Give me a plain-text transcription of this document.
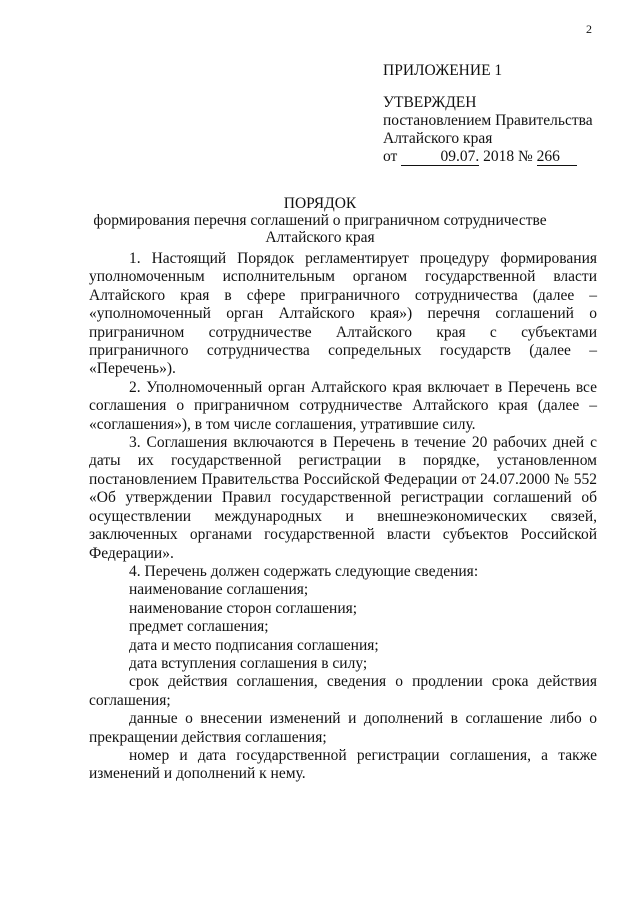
2
ПРИЛОЖЕНИЕ 1
УТВЕРЖДЕН
постановлением Правительства
Алтайского края
от	09.07. 2018 № 266
ПОРЯДОК
формирования перечня соглашений о приграничном сотрудничестве
Алтайского края

1. Настоящий Порядок регламентирует процедуру формирования уполномоченным исполнительным органом государственной власти Алтайского края в сфере приграничного сотрудничества (далее – «уполномоченный орган Алтайского края») перечня соглашений о приграничном сотрудничестве Алтайского края с субъектами приграничного сотрудничества сопредельных государств (далее – «Перечень»).

2. Уполномоченный орган Алтайского края включает в Перечень все соглашения о приграничном сотрудничестве Алтайского края (далее – «соглашения»), в том числе соглашения, утратившие силу.

3. Соглашения включаются в Перечень в течение 20 рабочих дней с даты их государственной регистрации в порядке, установленном постановлением Правительства Российской Федерации от 24.07.2000 № 552 «Об утверждении Правил государственной регистрации соглашений об осуществлении международных и внешнеэкономических связей, заключенных органами государственной власти субъектов Российской Федерации».

4. Перечень должен содержать следующие сведения:

наименование соглашения;

наименование сторон соглашения;

предмет соглашения;

дата и место подписания соглашения;

дата вступления соглашения в силу;

срок действия соглашения, сведения о продлении срока действия соглашения;

данные о внесении изменений и дополнений в соглашение либо о прекращении действия соглашения;

номер и дата государственной регистрации соглашения, а также изменений и дополнений к нему.
